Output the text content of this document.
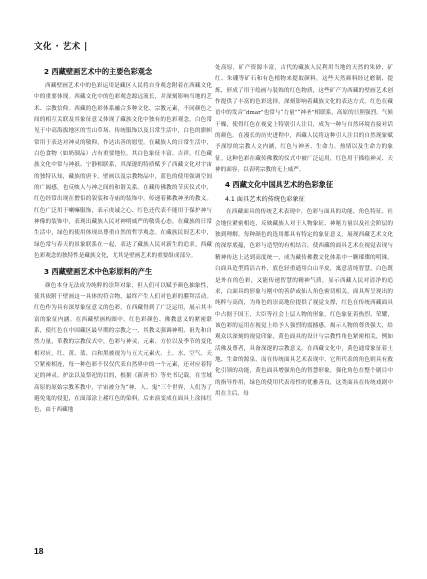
文化 · 艺术 |
2 西藏壁画艺术中的主要色彩观念

西藏壁画艺术中的色彩运用是藏区人民将自身观念附着在西藏文化中的重要体现。西藏文化中的色彩观念源远流长，并深刻影响当地的艺术、宗教信仰。西藏的色彩体系融合多种文化、宗教元素，不同颜色之间的相互关联及其象征意义体现了藏族文化中独有的色彩观念，白色常见于中高海拔地区的雪山草场、传统服饰以及日常生活中，白色的旗帜常用于表达对神灵的敬仰，作达出善的愿望。在藏族人的日常生活中，白色食物（如奶制品）占有重要地位，其白色象征丰富、吉祥。红色藏族文化中常与神祇、宁静相联系，其深邃的特质赋予了西藏文化对宇宙的独特认知，藏族的唐卡、壁画以及宗教物品中，蓝色的使用强调空间的广阔感，也反映人与神之间的和谐关系。在藏传佛教的节庆仪式中，红色经常出现在僧侣的袈裟和寺庙的装饰中，传递着佛教神圣的教义。红色广泛用于喇嘛服饰，表示虔诚之心、红色还代表不能用于保护神与神像的装饰中，表现出藏族人民对神明威严的敬畏心态。在藏族的日常生活中，绿色的使用体现出尊重自然的哲学观念。在藏族民间艺术中，绿色常与春天的景象联系在一起，表达了藏族人民对新生的追求。西藏色彩观念的独特性是藏族文化，尤其是壁画艺术的重要组成部分。

3 西藏壁画艺术中色彩原料的产生

颜色本身无法成为纯粹的崇拜对象，但人们可以赋予颜色抽象性，使其依附于壁画这一具体的符合物，最终产生人们对色彩的膜拜活动。红色作为具有深厚象征意义的色彩，在西藏得到了广泛运用，展示其丰富的象征内涵。在西藏壁画构图中，红色彩颜色、佛教意义的紧密联系，使红色在中国藏区最早期的宗教之一，其教义强调神明、祖先和自然力量，革教的宗教仪式中，色彩与神灵、元素、方位以及季节的变化相对应，红、黄、蓝、白和黑被视为与五大元素火、土、水、空气、天空紧密相连，每一种色彩不仅仅代表自然界中的一个元素，还对应着特定的神灵、护法以及祭祀的目的，根据《新唐书》等史书记载，在雪域高原的原始宗教苯教中，宇宙被分为“神、人、鬼”三个世界，人们为了避免鬼的侵犯，在面部涂上赭红色的染料，后来演变成在面具上涂抹红色，由于西藏地

处高原，矿产资源丰富，古代的藏族人民利用当地的天然的朱砂、矿红、朱硼等矿石和有色植物来提取颜料，这些天然颜料经过磨制、提炼，形成了用于绘画与装饰的红色物质，这些矿产为西藏的壁画艺术创作提供了丰富的色彩选择，深刻影响着藏族文化的表达方式。红色在藏语中的发音“dmar”也常与“力量”“神圣”相联系，高原的日照强烈、气候干燥，使得红色在视觉上特别引人注目，成为一种与自然环境直接对话的颜色。在漫长的历史进程中，西藏人民将这种引人注目的自然现象赋予深厚的宗教人文内涵，红色与神圣、生命力、热情以及生命力的象征。这种色彩在藏传佛教的仪式中被广泛运用，红色用于描绘神灵、天神的面容，以表明宗教的无上威严。

4 西藏文化中国具艺术的色彩象征
4.1 面具艺术的传统色彩象征

在西藏面具的传统艺术表现中，色彩与面具的功能、角色特征、社会地位紧密相连，反映藏族人对于人物象征、神秘力量以及社会阶层的独到理解。每种颜色的选用都具有特定的象征意义，展现西藏艺术文化的深厚底蕴，色彩与造型的有机结合，使西藏的面具艺术在视觉表现与精神传达上达到高度统一，成为藏传佛教文化体系中一颗璀璨的明珠。白面具造型简洁古朴，底色轻重通用白山羊皮，寓意清纯智慧，白色既是外在的色彩，又能传递智慧的精神气质，显示西藏人民对清净的追求，白面具的形象与刚中的善萨或仙人角色密切相关，面具所呈现出的纯粹与高尚，为角色的崇高地位提供了视觉支撑，红色在传统西藏面具中占据于国王、大臣等社会上层人物的形象，红色象征着热烈、荣耀，该色彩的运用在视觉上给予人强烈的震撼感，揭示人物的尊贵强大，给观众以深刻的视觉印象，黄色面具的设计与宗教性角色紧密相关，例如活佛及尊者，具备深邃的宗教意义。在西藏文化中，黄色通常象征着土地、生命的源泉，而在传统面具艺术表现中，它所代表的角色则具有救化引领的功能，黄色面具增强角色的智慧形象，强化角色在整个剧目中的指导作用，绿色的使用代表母性的优雅善良，这类面具在传统戏剧中用在主后、母

18
